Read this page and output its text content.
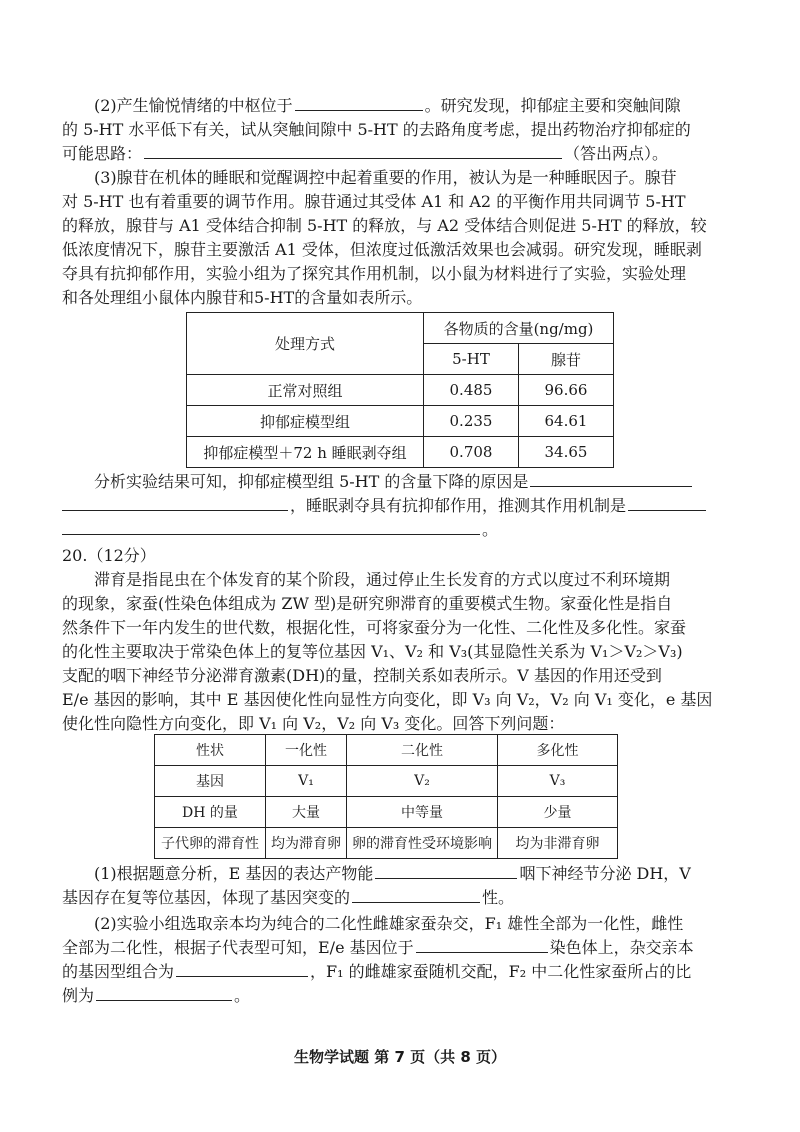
(2)产生愉悦情绪的中枢位于	。研究发现，抑郁症主要和突触间隙
的 5-HT 水平低下有关，试从突触间隙中 5-HT 的去路角度考虑，提出药物治疗抑郁症的
可能思路：	（答出两点）。
(3)腺苷在机体的睡眠和觉醒调控中起着重要的作用，被认为是一种睡眠因子。腺苷
对 5-HT 也有着重要的调节作用。腺苷通过其受体 A1 和 A2 的平衡作用共同调节 5-HT
的释放，腺苷与 A1 受体结合抑制 5-HT 的释放，与 A2 受体结合则促进 5-HT 的释放，较
低浓度情况下，腺苷主要激活 A1 受体，但浓度过低激活效果也会减弱。研究发现，睡眠剥
夺具有抗抑郁作用，实验小组为了探究其作用机制，以小鼠为材料进行了实验，实验处理
和各处理组小鼠体内腺苷和5-HT的含量如表所示。
处理方式	各物质的含量(ng/mg)	
	5-HT	腺苷
正常对照组	0.485	96.66
抑郁症模型组	0.235	64.61
抑郁症模型＋72 h 睡眠剥夺组	0.708	34.65
分析实验结果可知，抑郁症模型组 5-HT 的含量下降的原因是
，睡眠剥夺具有抗抑郁作用，推测其作用机制是
。
20.（12分）
滞育是指昆虫在个体发育的某个阶段，通过停止生长发育的方式以度过不利环境期
的现象，家蚕(性染色体组成为 ZW 型)是研究卵滞育的重要模式生物。家蚕化性是指自
然条件下一年内发生的世代数，根据化性，可将家蚕分为一化性、二化性及多化性。家蚕
的化性主要取决于常染色体上的复等位基因 V₁、V₂ 和 V₃(其显隐性关系为 V₁＞V₂＞V₃)
支配的咽下神经节分泌滞育激素(DH)的量，控制关系如表所示。V 基因的作用还受到
E/e 基因的影响，其中 E 基因使化性向显性方向变化，即 V₃ 向 V₂，V₂ 向 V₁ 变化，e 基因
使化性向隐性方向变化，即 V₁ 向 V₂，V₂ 向 V₃ 变化。回答下列问题：
性状	一化性	二化性	多化性
基因	V₁	V₂	V₃
DH 的量	大量	中等量	少量
子代卵的滞育性	均为滞育卵	卵的滞育性受环境影响	均为非滞育卵
(1)根据题意分析，E 基因的表达产物能	咽下神经节分泌 DH，V
基因存在复等位基因，体现了基因突变的	性。
(2)实验小组选取亲本均为纯合的二化性雌雄家蚕杂交，F₁ 雄性全部为一化性，雌性
全部为二化性，根据子代表型可知，E/e 基因位于	染色体上，杂交亲本
的基因型组合为	，F₁ 的雌雄家蚕随机交配，F₂ 中二化性家蚕所占的比
例为	。
生物学试题 第 7 页（共 8 页）
